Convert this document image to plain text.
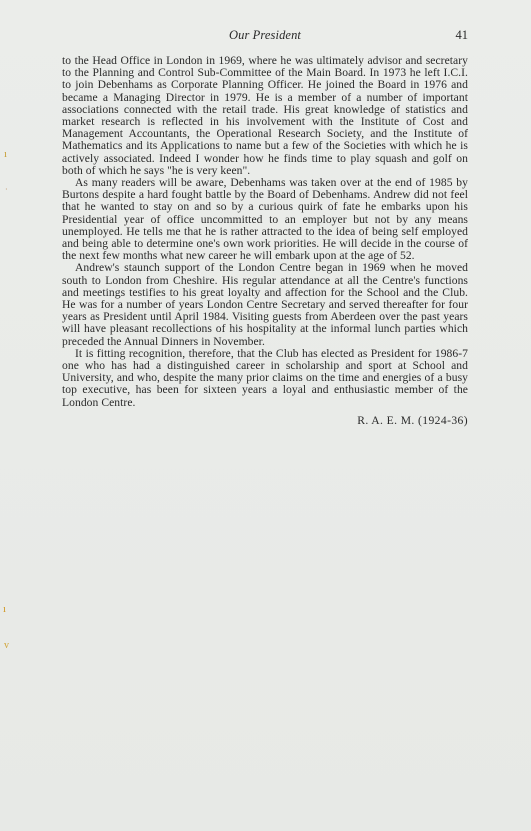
Our President	41

to the Head Office in London in 1969, where he was ultimately advisor and secretary to the Planning and Control Sub-Committee of the Main Board. In 1973 he left I.C.I. to join Debenhams as Corporate Planning Officer. He joined the Board in 1976 and became a Managing Director in 1979. He is a member of a number of important associations connected with the retail trade. His great knowledge of statistics and market research is reflected in his involvement with the Institute of Cost and Management Accountants, the Operational Research Society, and the Institute of Mathematics and its Applications to name but a few of the Societies with which he is actively associated. Indeed I wonder how he finds time to play squash and golf on both of which he says "he is very keen".

As many readers will be aware, Debenhams was taken over at the end of 1985 by Burtons despite a hard fought battle by the Board of Debenhams. Andrew did not feel that he wanted to stay on and so by a curious quirk of fate he embarks upon his Presidential year of office uncommitted to an employer but not by any means unemployed. He tells me that he is rather attracted to the idea of being self employed and being able to determine one's own work priorities. He will decide in the course of the next few months what new career he will embark upon at the age of 52.

Andrew's staunch support of the London Centre began in 1969 when he moved south to London from Cheshire. His regular attendance at all the Centre's functions and meetings testifies to his great loyalty and affection for the School and the Club. He was for a number of years London Centre Secretary and served thereafter for four years as President until April 1984. Visiting guests from Aberdeen over the past years will have pleasant recollections of his hospitality at the informal lunch parties which preceded the Annual Dinners in November.

It is fitting recognition, therefore, that the Club has elected as President for 1986-7 one who has had a distinguished career in scholarship and sport at School and University, and who, despite the many prior claims on the time and energies of a busy top executive, has been for sixteen years a loyal and enthusiastic member of the London Centre.

R. A. E. M. (1924-36)
ı
·
ı
v
